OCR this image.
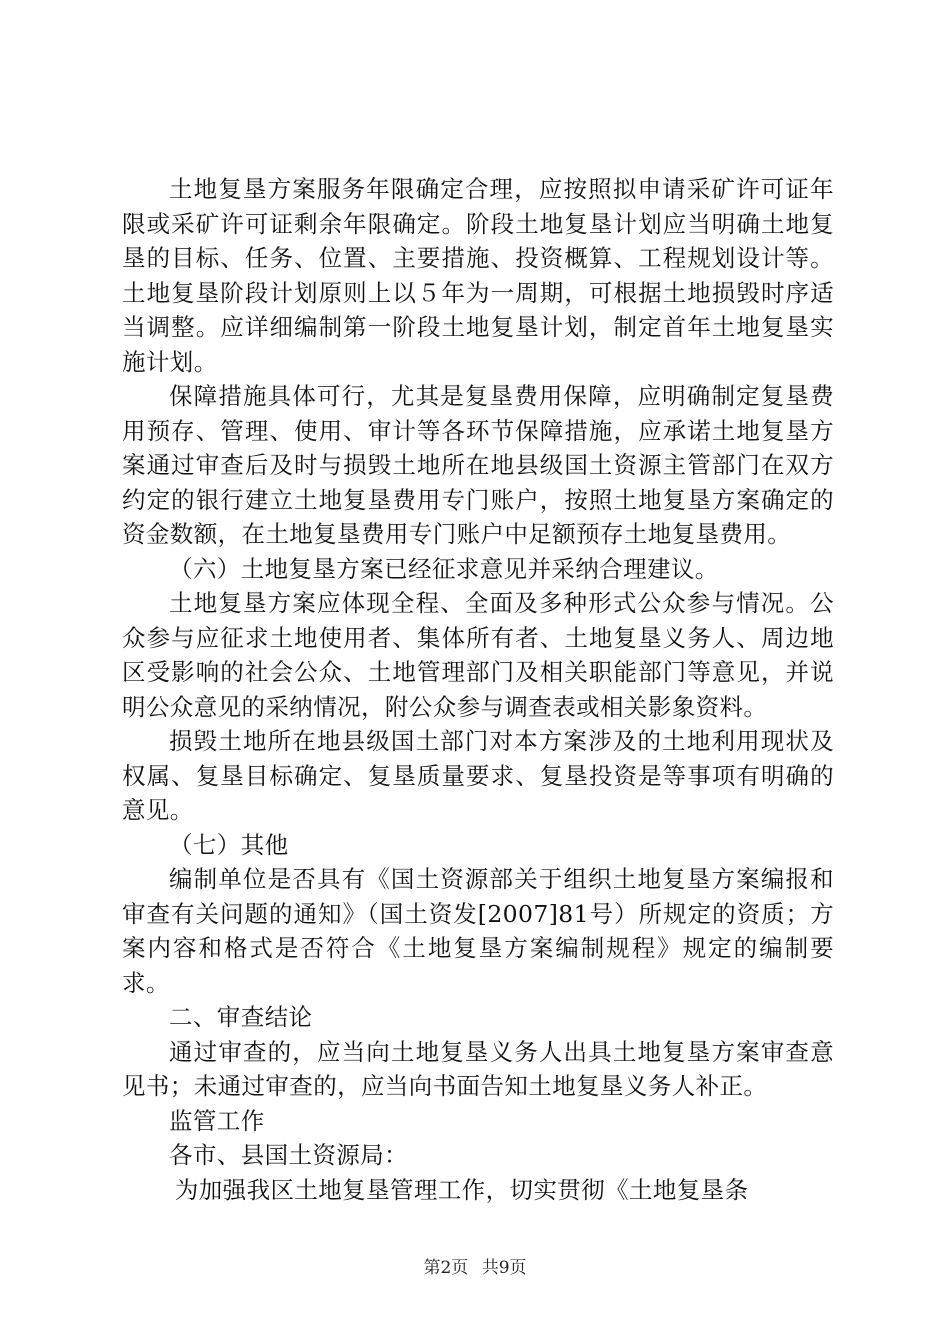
土地复垦方案服务年限确定合理，应按照拟申请采矿许可证年限或采矿许可证剩余年限确定。阶段土地复垦计划应当明确土地复垦的目标、任务、位置、主要措施、投资概算、工程规划设计等。土地复垦阶段计划原则上以５年为一周期，可根据土地损毁时序适当调整。应详细编制第一阶段土地复垦计划，制定首年土地复垦实施计划。

保障措施具体可行，尤其是复垦费用保障，应明确制定复垦费用预存、管理、使用、审计等各环节保障措施，应承诺土地复垦方案通过审查后及时与损毁土地所在地县级国土资源主管部门在双方约定的银行建立土地复垦费用专门账户，按照土地复垦方案确定的资金数额，在土地复垦费用专门账户中足额预存土地复垦费用。

（六）土地复垦方案已经征求意见并采纳合理建议。

土地复垦方案应体现全程、全面及多种形式公众参与情况。公众参与应征求土地使用者、集体所有者、土地复垦义务人、周边地区受影响的社会公众、土地管理部门及相关职能部门等意见，并说明公众意见的采纳情况，附公众参与调查表或相关影象资料。

损毁土地所在地县级国土部门对本方案涉及的土地利用现状及权属、复垦目标确定、复垦质量要求、复垦投资是等事项有明确的意见。

（七）其他

编制单位是否具有《国土资源部关于组织土地复垦方案编报和审查有关问题的通知》（国土资发[2007]81号）所规定的资质；方案内容和格式是否符合《土地复垦方案编制规程》规定的编制要求。

二、审查结论

通过审查的，应当向土地复垦义务人出具土地复垦方案审查意见书；未通过审查的，应当向书面告知土地复垦义务人补正。

监管工作

各市、县国土资源局：

为加强我区土地复垦管理工作，切实贯彻《土地复垦条

第2页 共9页
